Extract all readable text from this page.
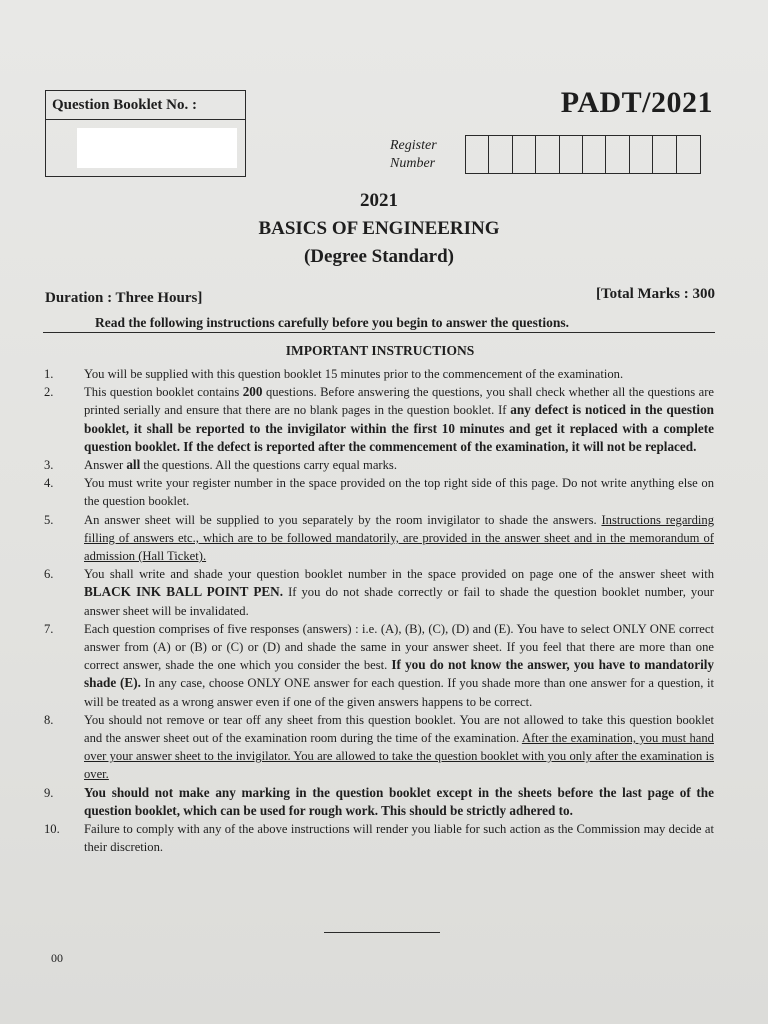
Question Booklet No. :	PADT/2021
Register
Number
2021
BASICS OF ENGINEERING
(Degree Standard)
Duration : Three Hours]	[Total Marks : 300
Read the following instructions carefully before you begin to answer the questions.
IMPORTANT INSTRUCTIONS
1.	You will be supplied with this question booklet 15 minutes prior to the commencement of the examination.
2.	This question booklet contains 200 questions. Before answering the questions, you shall check whether all the questions are printed serially and ensure that there are no blank pages in the question booklet. If any defect is noticed in the question booklet, it shall be reported to the invigilator within the first 10 minutes and get it replaced with a complete question booklet. If the defect is reported after the commencement of the examination, it will not be replaced.
3.	Answer all the questions. All the questions carry equal marks.
4.	You must write your register number in the space provided on the top right side of this page. Do not write anything else on the question booklet.
5.	An answer sheet will be supplied to you separately by the room invigilator to shade the answers. Instructions regarding filling of answers etc., which are to be followed mandatorily, are provided in the answer sheet and in the memorandum of admission (Hall Ticket).
6.	You shall write and shade your question booklet number in the space provided on page one of the answer sheet with BLACK INK BALL POINT PEN. If you do not shade correctly or fail to shade the question booklet number, your answer sheet will be invalidated.
7.	Each question comprises of five responses (answers) : i.e. (A), (B), (C), (D) and (E). You have to select ONLY ONE correct answer from (A) or (B) or (C) or (D) and shade the same in your answer sheet. If you feel that there are more than one correct answer, shade the one which you consider the best. If you do not know the answer, you have to mandatorily shade (E). In any case, choose ONLY ONE answer for each question. If you shade more than one answer for a question, it will be treated as a wrong answer even if one of the given answers happens to be correct.
8.	You should not remove or tear off any sheet from this question booklet. You are not allowed to take this question booklet and the answer sheet out of the examination room during the time of the examination. After the examination, you must hand over your answer sheet to the invigilator. You are allowed to take the question booklet with you only after the examination is over.
9.	You should not make any marking in the question booklet except in the sheets before the last page of the question booklet, which can be used for rough work. This should be strictly adhered to.
10.	Failure to comply with any of the above instructions will render you liable for such action as the Commission may decide at their discretion.
00
